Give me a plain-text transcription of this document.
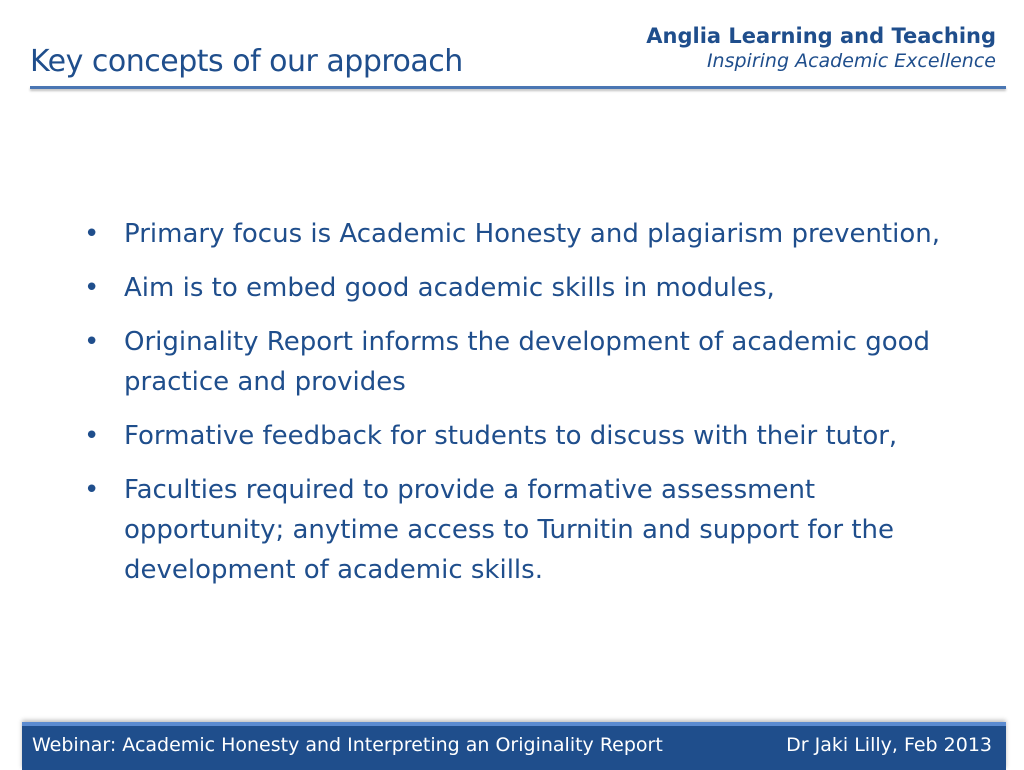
Key concepts of our approach
Anglia Learning and Teaching
Inspiring Academic Excellence
• Primary focus is Academic Honesty and plagiarism prevention,
• Aim is to embed good academic skills in modules,
• Originality Report informs the development of academic good practice and provides
• Formative feedback for students to discuss with their tutor,
• Faculties required to provide a formative assessment opportunity; anytime access to Turnitin and support for the development of academic skills.
Webinar: Academic Honesty and Interpreting an Originality Report	Dr Jaki Lilly, Feb 2013
